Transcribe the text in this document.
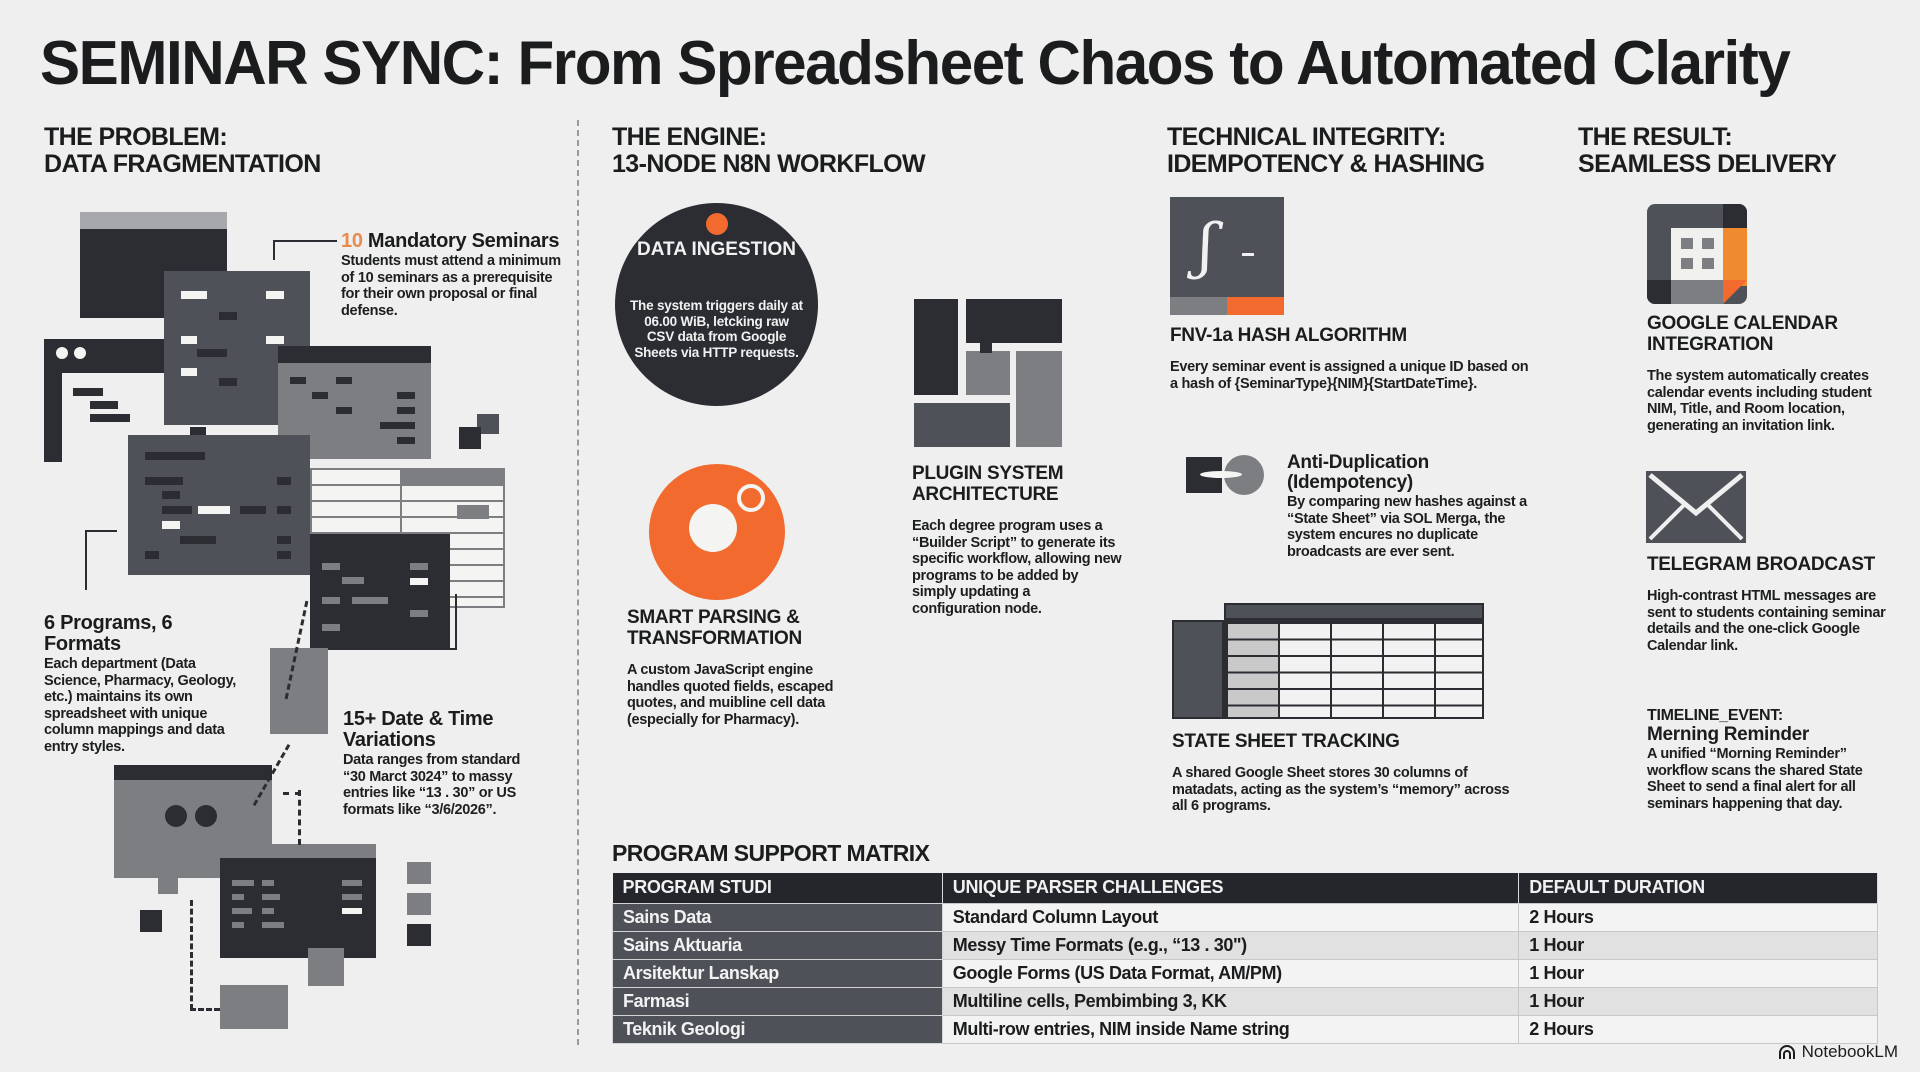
SEMINAR SYNC: From Spreadsheet Chaos to Automated Clarity
THE PROBLEM:
DATA FRAGMENTATION
10 Mandatory Seminars
Students must attend a minimum of 10 seminars as a prerequisite for their own proposal or final defense.
6 Programs, 6 Formats
Each department (Data Science, Pharmacy, Geology, etc.) maintains its own spreadsheet with unique column mappings and data entry styles.
15+ Date & Time Variations
Data ranges from standard “30 Marct 3024” to massy entries like “13 . 30” or US formats like “3/6/2026”.
THE ENGINE:
13-NODE N8N WORKFLOW
DATA INGESTION
The system triggers daily at 06.00 WiB, letcking raw CSV data from Google Sheets via HTTP requests.
PLUGIN SYSTEM ARCHITECTURE
Each degree program uses a “Builder Script” to generate its specific workflow, allowing new programs to be added by simply updating a configuration node.
SMART PARSING & TRANSFORMATION
A custom JavaScript engine handles quoted fields, escaped quotes, and muibline cell data (especially for Pharmacy).
TECHNICAL INTEGRITY:
IDEMPOTENCY & HASHING
ʃ
FNV-1a HASH ALGORITHM
Every seminar event is assigned a unique ID based on a hash of {SeminarType}{NIM}{StartDateTime}.
Anti-Duplication (Idempotency)
By comparing new hashes against a “State Sheet” via SOL Merga, the system encures no duplicate broadcasts are ever sent.
STATE SHEET TRACKING
A shared Google Sheet stores 30 columns of matadats, acting as the system’s “memory” across all 6 programs.
THE RESULT:
SEAMLESS DELIVERY
GOOGLE CALENDAR INTEGRATION
The system automatically creates calendar events including student NIM, Title, and Room location, generating an invitation link.
TELEGRAM BROADCAST
High-contrast HTML messages are sent to students containing seminar details and the one-click Google Calendar link.
TIMELINE_EVENT:
Merning Reminder
A unified “Morning Reminder” workflow scans the shared State Sheet to send a final alert for all seminars happening that day.
PROGRAM SUPPORT MATRIX
PROGRAM STUDI	UNIQUE PARSER CHALLENGES	DEFAULT DURATION
Sains Data	Standard Column Layout	2 Hours
Sains Aktuaria	Messy Time Formats (e.g., “13 . 30")	1 Hour
Arsitektur Lanskap	Google Forms (US Data Format, AM/PM)	1 Hour
Farmasi	Multiline cells, Pembimbing 3, KK	1 Hour
Teknik Geologi	Multi-row entries, NIM inside Name string	2 Hours
NotebookLM
